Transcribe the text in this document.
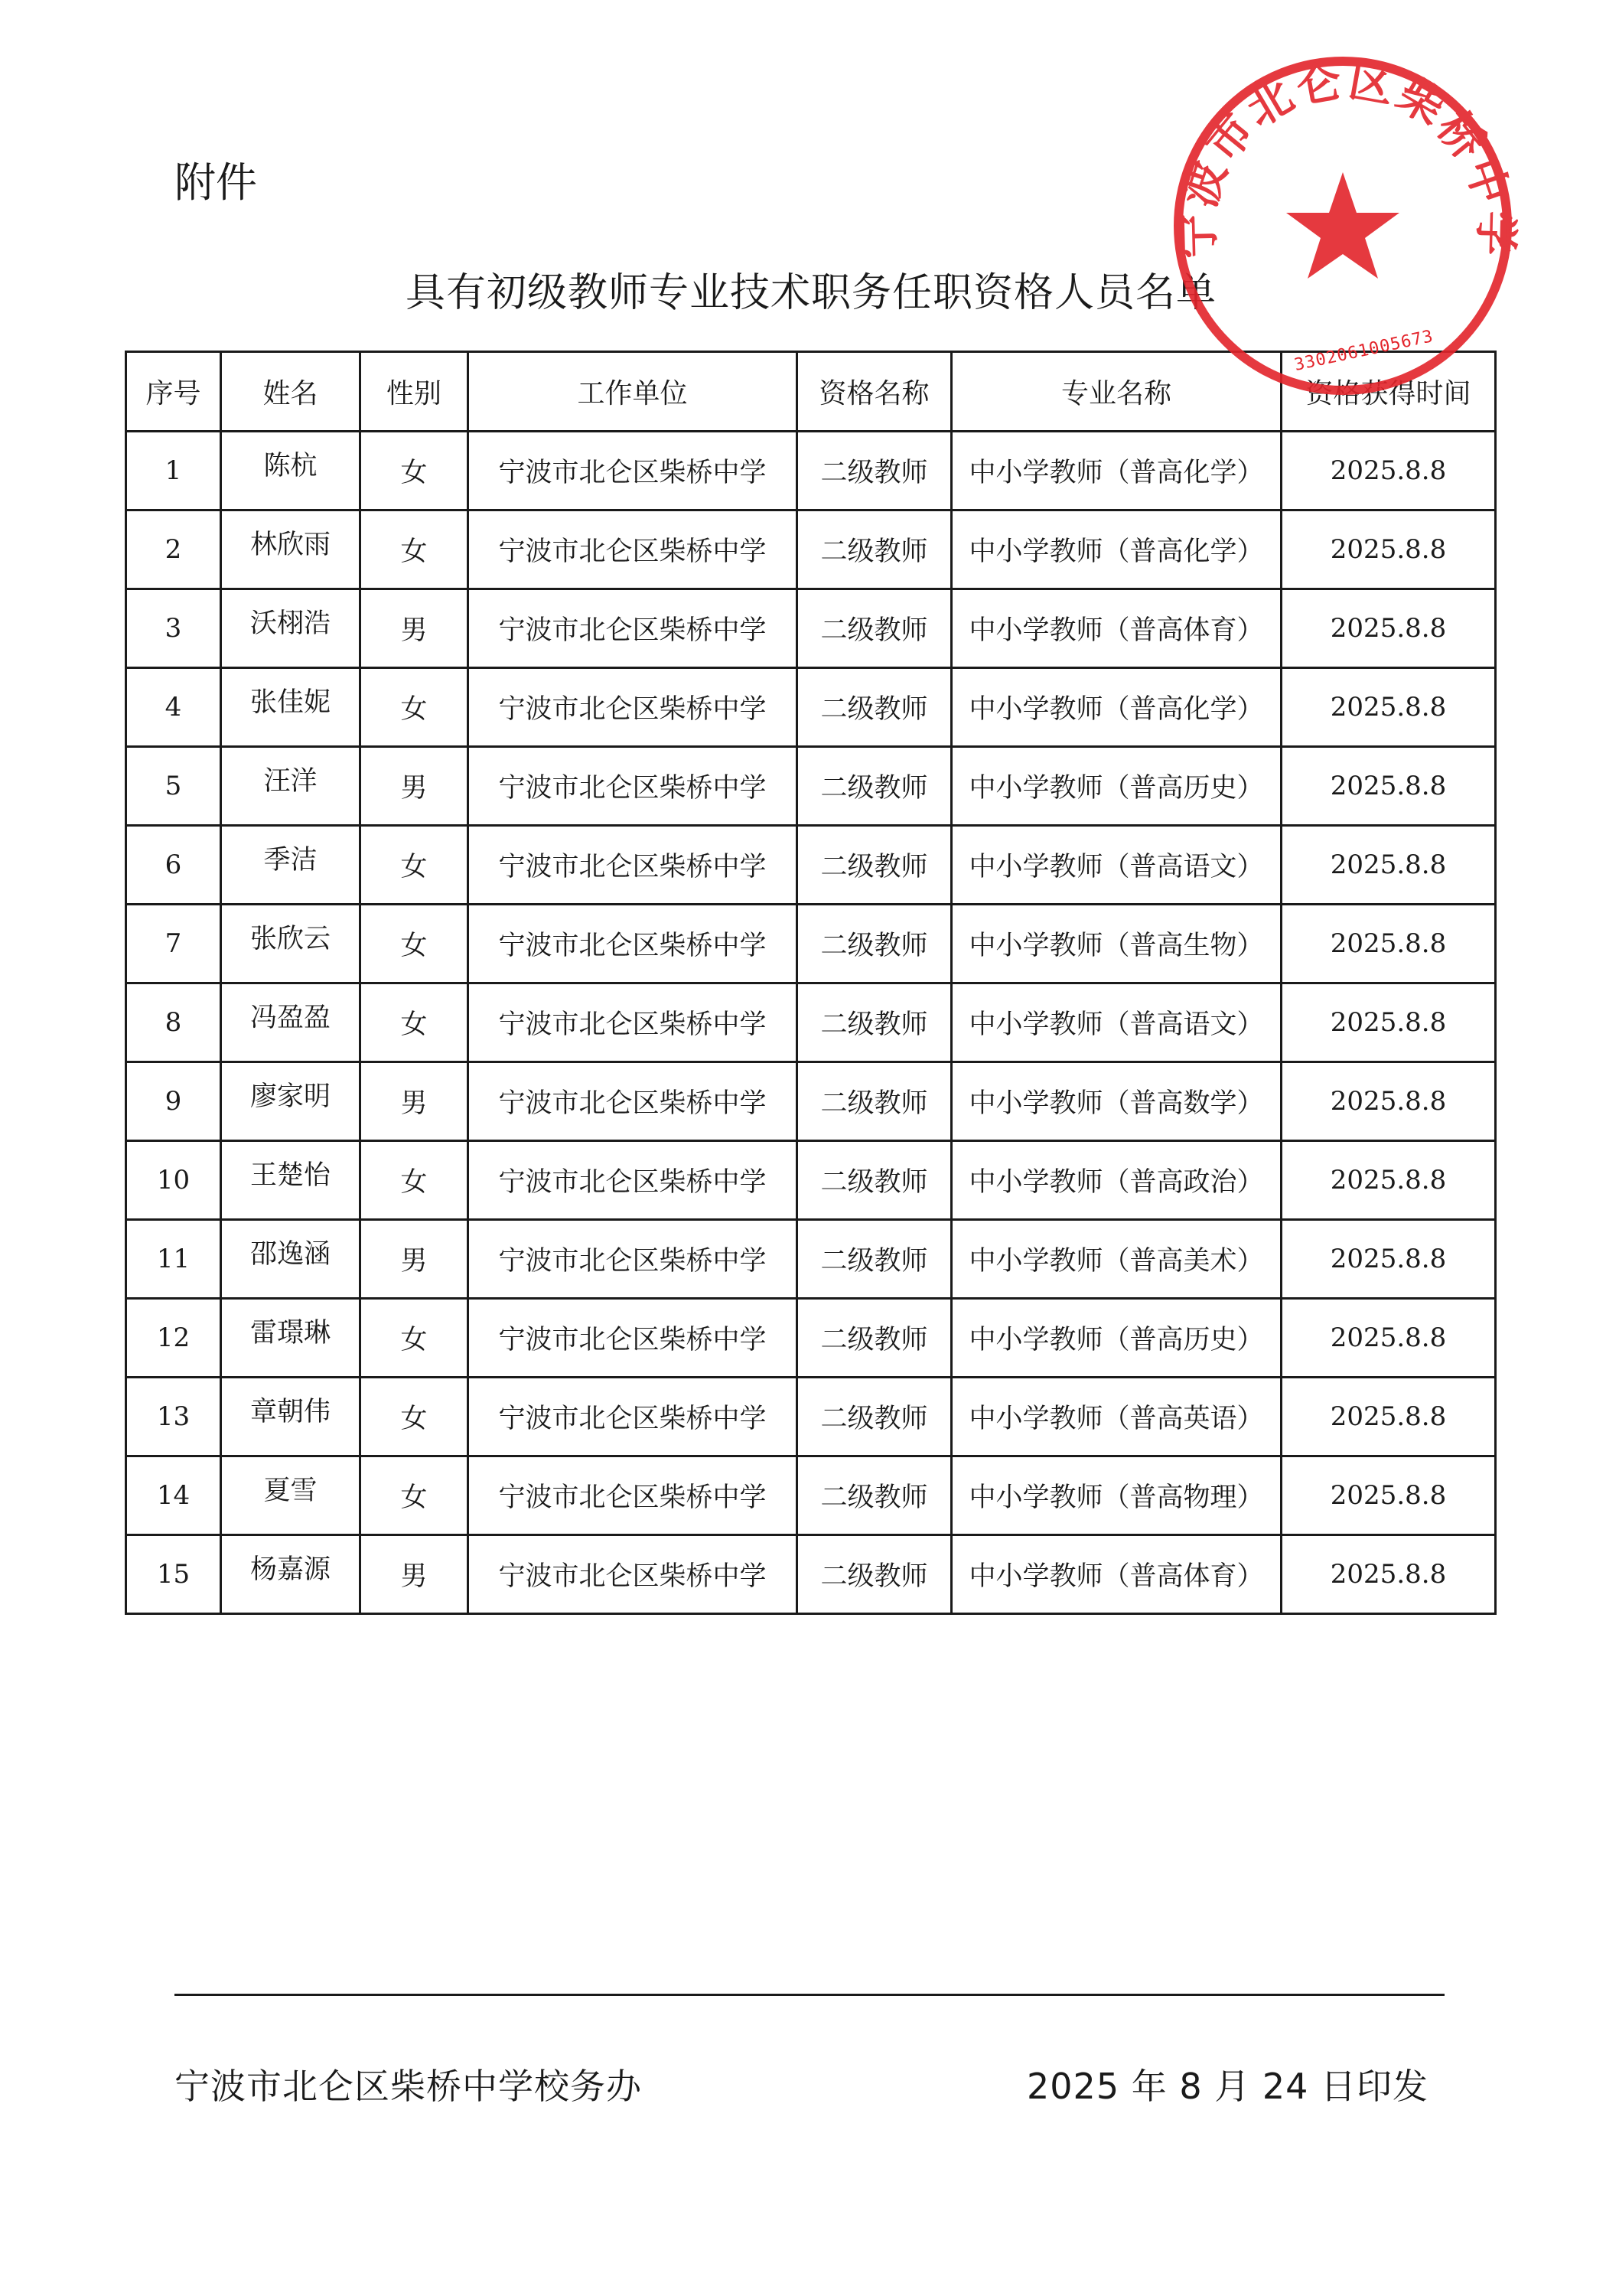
附件
具有初级教师专业技术职务任职资格人员名单
序号	姓名	性别	工作单位	资格名称	专业名称	资格获得时间
1	陈杭	女	宁波市北仑区柴桥中学	二级教师	中小学教师（普高化学）	2025.8.8
2	林欣雨	女	宁波市北仑区柴桥中学	二级教师	中小学教师（普高化学）	2025.8.8
3	沃栩浩	男	宁波市北仑区柴桥中学	二级教师	中小学教师（普高体育）	2025.8.8
4	张佳妮	女	宁波市北仑区柴桥中学	二级教师	中小学教师（普高化学）	2025.8.8
5	汪洋	男	宁波市北仑区柴桥中学	二级教师	中小学教师（普高历史）	2025.8.8
6	季洁	女	宁波市北仑区柴桥中学	二级教师	中小学教师（普高语文）	2025.8.8
7	张欣云	女	宁波市北仑区柴桥中学	二级教师	中小学教师（普高生物）	2025.8.8
8	冯盈盈	女	宁波市北仑区柴桥中学	二级教师	中小学教师（普高语文）	2025.8.8
9	廖家明	男	宁波市北仑区柴桥中学	二级教师	中小学教师（普高数学）	2025.8.8
10	王楚怡	女	宁波市北仑区柴桥中学	二级教师	中小学教师（普高政治）	2025.8.8
11	邵逸涵	男	宁波市北仑区柴桥中学	二级教师	中小学教师（普高美术）	2025.8.8
12	雷璟琳	女	宁波市北仑区柴桥中学	二级教师	中小学教师（普高历史）	2025.8.8
13	章朝伟	女	宁波市北仑区柴桥中学	二级教师	中小学教师（普高英语）	2025.8.8
14	夏雪	女	宁波市北仑区柴桥中学	二级教师	中小学教师（普高物理）	2025.8.8
15	杨嘉源	男	宁波市北仑区柴桥中学	二级教师	中小学教师（普高体育）	2025.8.8
宁波市北仑区柴桥中学
3302061005673
宁波市北仑区柴桥中学校务办	2025 年 8 月 24 日印发
